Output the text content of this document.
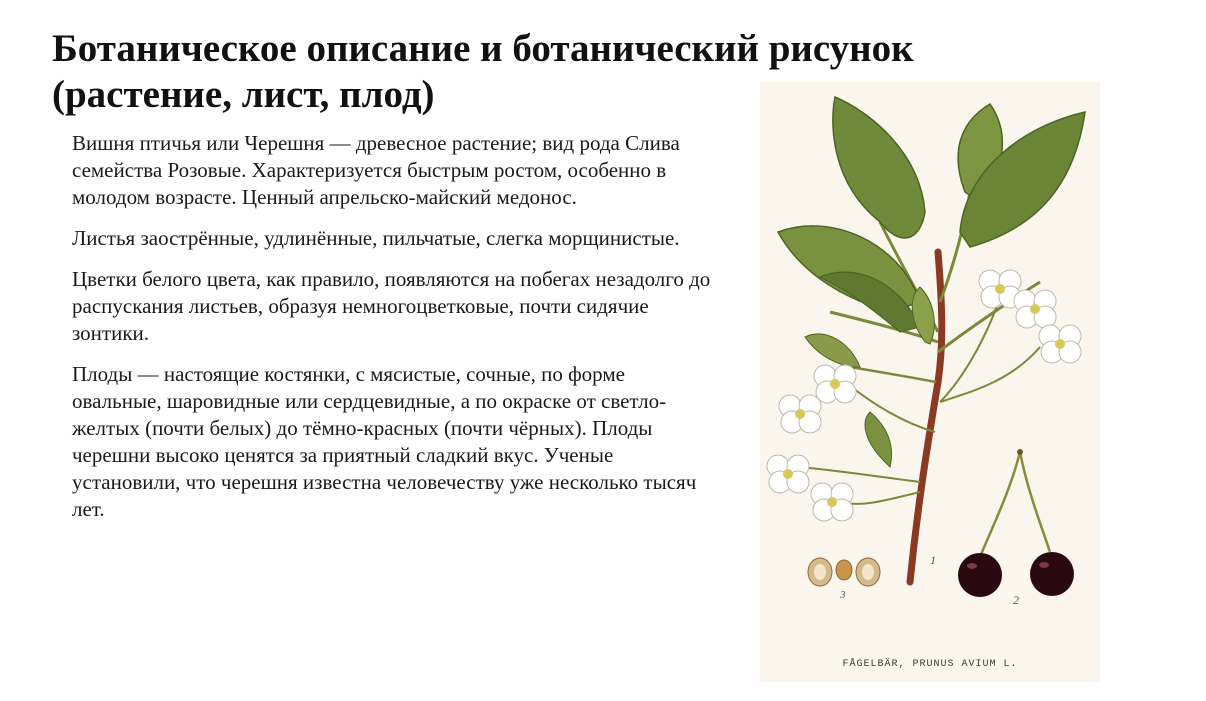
Ботаническое описание и ботанический рисунок (растение, лист, плод)

Вишня птичья или Черешня — древесное растение; вид рода Слива семейства Розовые. Характеризуется быстрым ростом, особенно в молодом возрасте. Ценный апрельско-майский медонос.

Листья заострённые, удлинённые, пильчатые, слегка морщинистые.

Цветки белого цвета, как правило, появляются на побегах незадолго до распускания листьев, образуя немногоцветковые, почти сидячие зонтики.

Плоды — настоящие костянки, с мясистые, сочные, по форме овальные, шаровидные или сердцевидные, а по окраске от светло-желтых (почти белых) до тёмно-красных (почти чёрных). Плоды черешни высоко ценятся за приятный сладкий вкус. Ученые установили, что черешня известна человечеству уже несколько тысяч лет.

1
2
3
FÅGELBÄR, PRUNUS AVIUM L.
